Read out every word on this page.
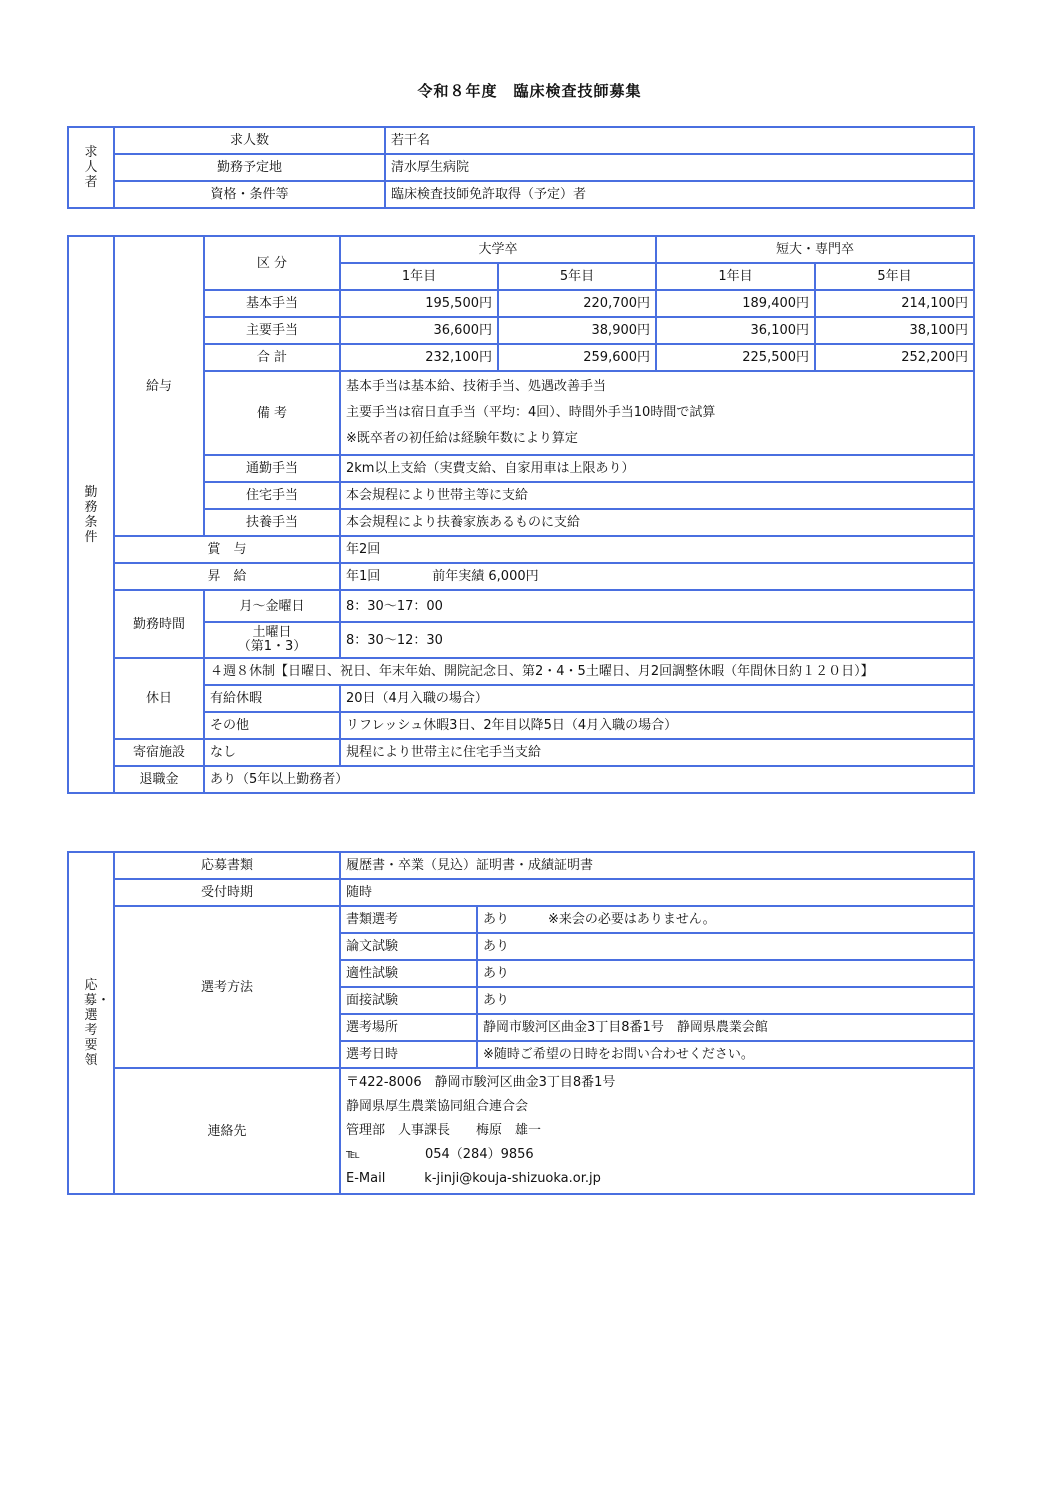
令和８年度　臨床検査技師募集
求人者	求人数	若干名
	勤務予定地	清水厚生病院
	資格・条件等	臨床検査技師免許取得（予定）者
勤務条件	給与	区 分	大学卒		短大・専門卒	
			1年目	5年目	1年目	5年目
		基本手当	195,500円	220,700円	189,400円	214,100円
		主要手当	36,600円	38,900円	36,100円	38,100円
		合 計	232,100円	259,600円	225,500円	252,200円
		備 考	基本手当は基本給、技術手当、処遇改善手当
主要手当は宿日直手当（平均：4回）、時間外手当10時間で試算
※既卒者の初任給は経験年数により算定			

		通勤手当	2km以上支給（実費支給、自家用車は上限あり）			
		住宅手当	本会規程により世帯主等に支給			
		扶養手当	本会規程により扶養家族あるものに支給			
	賞　与		年2回			
	昇　給		年1回　　　　前年実績 6,000円			
	勤務時間	月～金曜日	8：30～17：00			

		土曜日
（第1・3）	8：30～12：30			
	休日	４週８休制【日曜日、祝日、年末年始、開院記念日、第2・4・5土曜日、月2回調整休暇（年間休日約１２０日）】				
		有給休暇	20日（4月入職の場合）			
		その他	リフレッシュ休暇3日、2年目以降5日（4月入職の場合）			
	寄宿施設	なし	規程により世帯主に住宅手当支給			
	退職金	あり（5年以上勤務者）				
応募・選考要領	応募書類	履歴書・卒業（見込）証明書・成績証明書	
	受付時期	随時	
	選考方法	書類選考	あり　　　※来会の必要はありません。
		論文試験	あり
		適性試験	あり
		面接試験	あり
		選考場所	静岡市駿河区曲金3丁目8番1号　静岡県農業会館
		選考日時	※随時ご希望の日時をお問い合わせください。
	連絡先	〒422-8006　静岡市駿河区曲金3丁目8番1号
静岡県厚生農業協同組合連合会
管理部　人事課長　　梅原　雄一
℡　　　　　054（284）9856
E-Mail　　　k-jinji@kouja-shizuoka.or.jp	
